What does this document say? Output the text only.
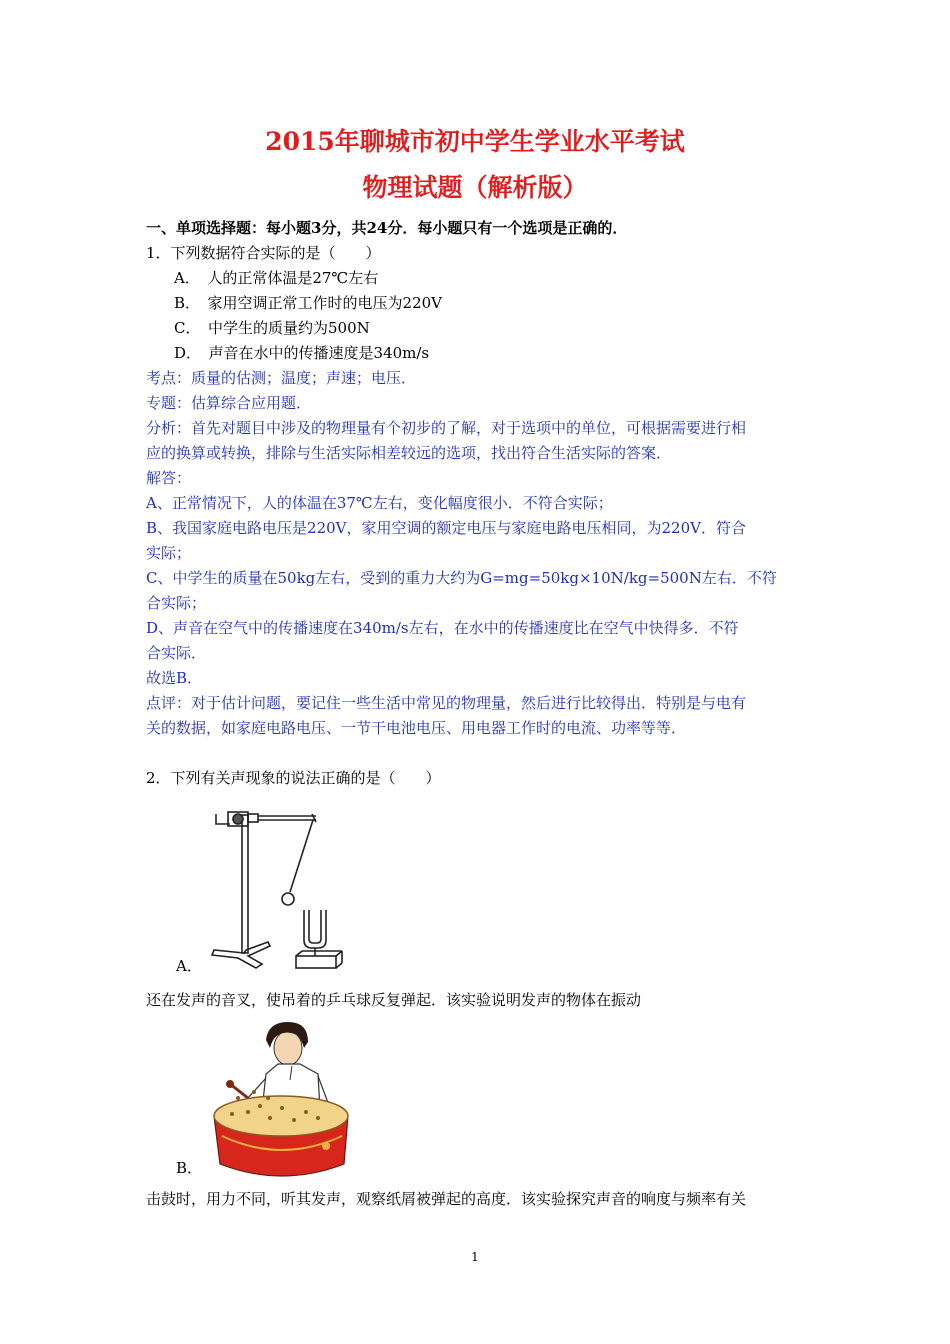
2015年聊城市初中学生学业水平考试
物理试题（解析版）
一、单项选择题：每小题3分，共24分．每小题只有一个选项是正确的．
1．下列数据符合实际的是（　　）
A．　人的正常体温是27℃左右
B．　家用空调正常工作时的电压为220V
C．　中学生的质量约为500N
D．　声音在水中的传播速度是340m/s
考点：质量的估测；温度；声速；电压．
专题：估算综合应用题．
分析：首先对题目中涉及的物理量有个初步的了解，对于选项中的单位，可根据需要进行相
应的换算或转换，排除与生活实际相差较远的选项，找出符合生活实际的答案．
解答：
A、正常情况下，人的体温在37℃左右，变化幅度很小．不符合实际；
B、我国家庭电路电压是220V，家用空调的额定电压与家庭电路电压相同，为220V．符合
实际；
C、中学生的质量在50kg左右，受到的重力大约为G=mg=50kg×10N/kg=500N左右．不符
合实际；
D、声音在空气中的传播速度在340m/s左右，在水中的传播速度比在空气中快得多．不符
合实际．
故选B．
点评：对于估计问题，要记住一些生活中常见的物理量，然后进行比较得出．特别是与电有
关的数据，如家庭电路电压、一节干电池电压、用电器工作时的电流、功率等等．
2．下列有关声现象的说法正确的是（　　）
A．
还在发声的音叉，使吊着的乒乓球反复弹起．该实验说明发声的物体在振动
B．
击鼓时，用力不同，听其发声，观察纸屑被弹起的高度．该实验探究声音的响度与频率有关
1
